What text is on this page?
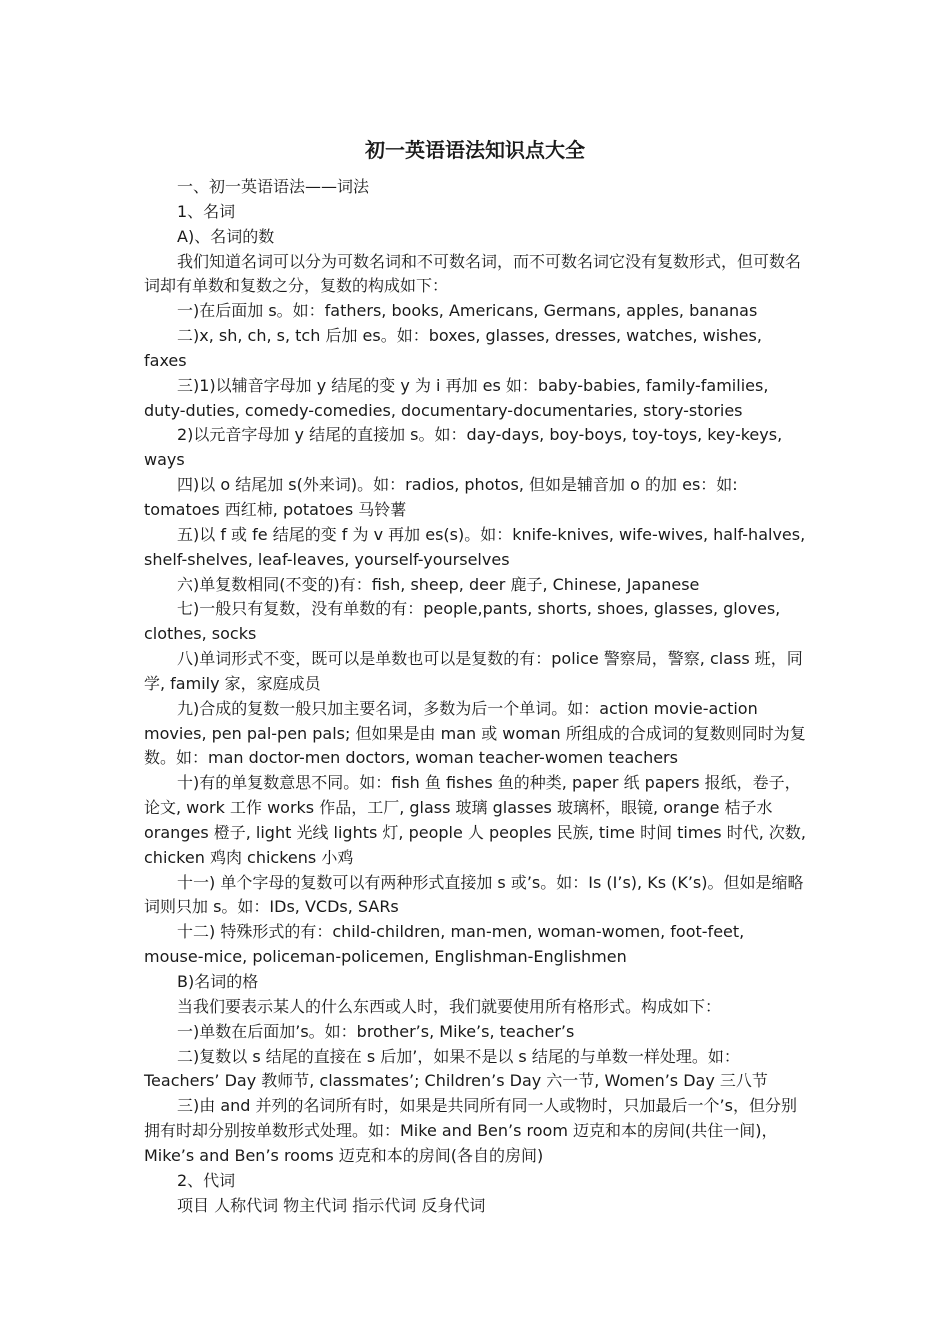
初一英语语法知识点大全

一、初一英语语法——词法

1、名词

A)、名词的数

我们知道名词可以分为可数名词和不可数名词，而不可数名词它没有复数形式，但可数名词却有单数和复数之分，复数的构成如下：

一)在后面加 s。如：fathers, books, Americans, Germans, apples, bananas

二)x, sh, ch, s, tch 后加 es。如：boxes, glasses, dresses, watches, wishes, faxes

三)1)以辅音字母加 y 结尾的变 y 为 i 再加 es 如：baby-babies, family-families, duty-duties, comedy-comedies, documentary-documentaries, story-stories

2)以元音字母加 y 结尾的直接加 s。如：day-days, boy-boys, toy-toys, key-keys, ways

四)以 o 结尾加 s(外来词)。如：radios, photos, 但如是辅音加 o 的加 es：如: tomatoes 西红柿, potatoes 马铃薯

五)以 f 或 fe 结尾的变 f 为 v 再加 es(s)。如：knife-knives, wife-wives, half-halves, shelf-shelves, leaf-leaves, yourself-yourselves

六)单复数相同(不变的)有：fish, sheep, deer 鹿子, Chinese, Japanese

七)一般只有复数，没有单数的有：people,pants, shorts, shoes, glasses, gloves, clothes, socks

八)单词形式不变，既可以是单数也可以是复数的有：police 警察局，警察, class 班，同学, family 家，家庭成员

九)合成的复数一般只加主要名词，多数为后一个单词。如：action movie-action movies, pen pal-pen pals; 但如果是由 man 或 woman 所组成的合成词的复数则同时为复数。如：man doctor-men doctors, woman teacher-women teachers

十)有的单复数意思不同。如：fish 鱼 fishes 鱼的种类, paper 纸 papers 报纸，卷子，论文, work 工作 works 作品，工厂, glass 玻璃 glasses 玻璃杯，眼镜, orange 桔子水 oranges 橙子, light 光线 lights 灯, people 人 peoples 民族, time 时间 times 时代, 次数, chicken 鸡肉 chickens 小鸡

十一) 单个字母的复数可以有两种形式直接加 s 或’s。如：Is (I’s), Ks (K’s)。但如是缩略词则只加 s。如：IDs, VCDs, SARs

十二) 特殊形式的有：child-children, man-men, woman-women, foot-feet, mouse-mice, policeman-policemen, Englishman-Englishmen

B)名词的格

当我们要表示某人的什么东西或人时，我们就要使用所有格形式。构成如下：

一)单数在后面加’s。如：brother’s, Mike’s, teacher’s

二)复数以 s 结尾的直接在 s 后加’，如果不是以 s 结尾的与单数一样处理。如：Teachers’ Day 教师节, classmates’; Children’s Day 六一节, Women’s Day 三八节

三)由 and 并列的名词所有时，如果是共同所有同一人或物时，只加最后一个’s，但分别拥有时却分别按单数形式处理。如：Mike and Ben’s room 迈克和本的房间(共住一间)，Mike’s and Ben’s rooms 迈克和本的房间(各自的房间)

2、代词

项目 人称代词 物主代词 指示代词 反身代词
